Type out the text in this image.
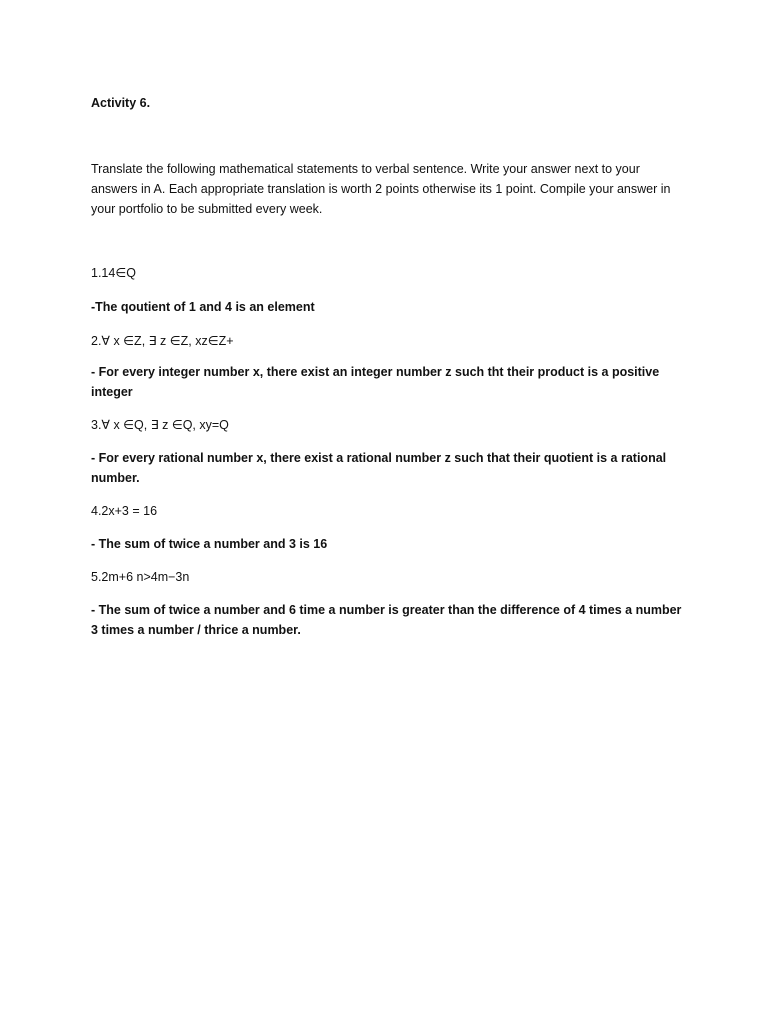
Activity 6.
Translate the following mathematical statements to verbal sentence. Write your answer next to your answers in A. Each appropriate translation is worth 2 points otherwise its 1 point. Compile your answer in your portfolio to be submitted every week.
1.14∈Q
-The qoutient of 1 and 4 is an element
2.∀ x ∈Z, ∃ z ∈Z, xz∈Z+
- For every integer number x, there exist an integer number z such tht their product is a positive integer
3.∀ x ∈Q, ∃ z ∈Q, xy=Q
- For every rational number x, there exist a rational number z such that their quotient is a rational number.
4.2x+3 = 16
- The sum of twice a number and 3 is 16
5.2m+6 n>4m−3n
- The sum of twice a number and 6 time a number is greater than the difference of 4 times a number 3 times a number / thrice a number.
